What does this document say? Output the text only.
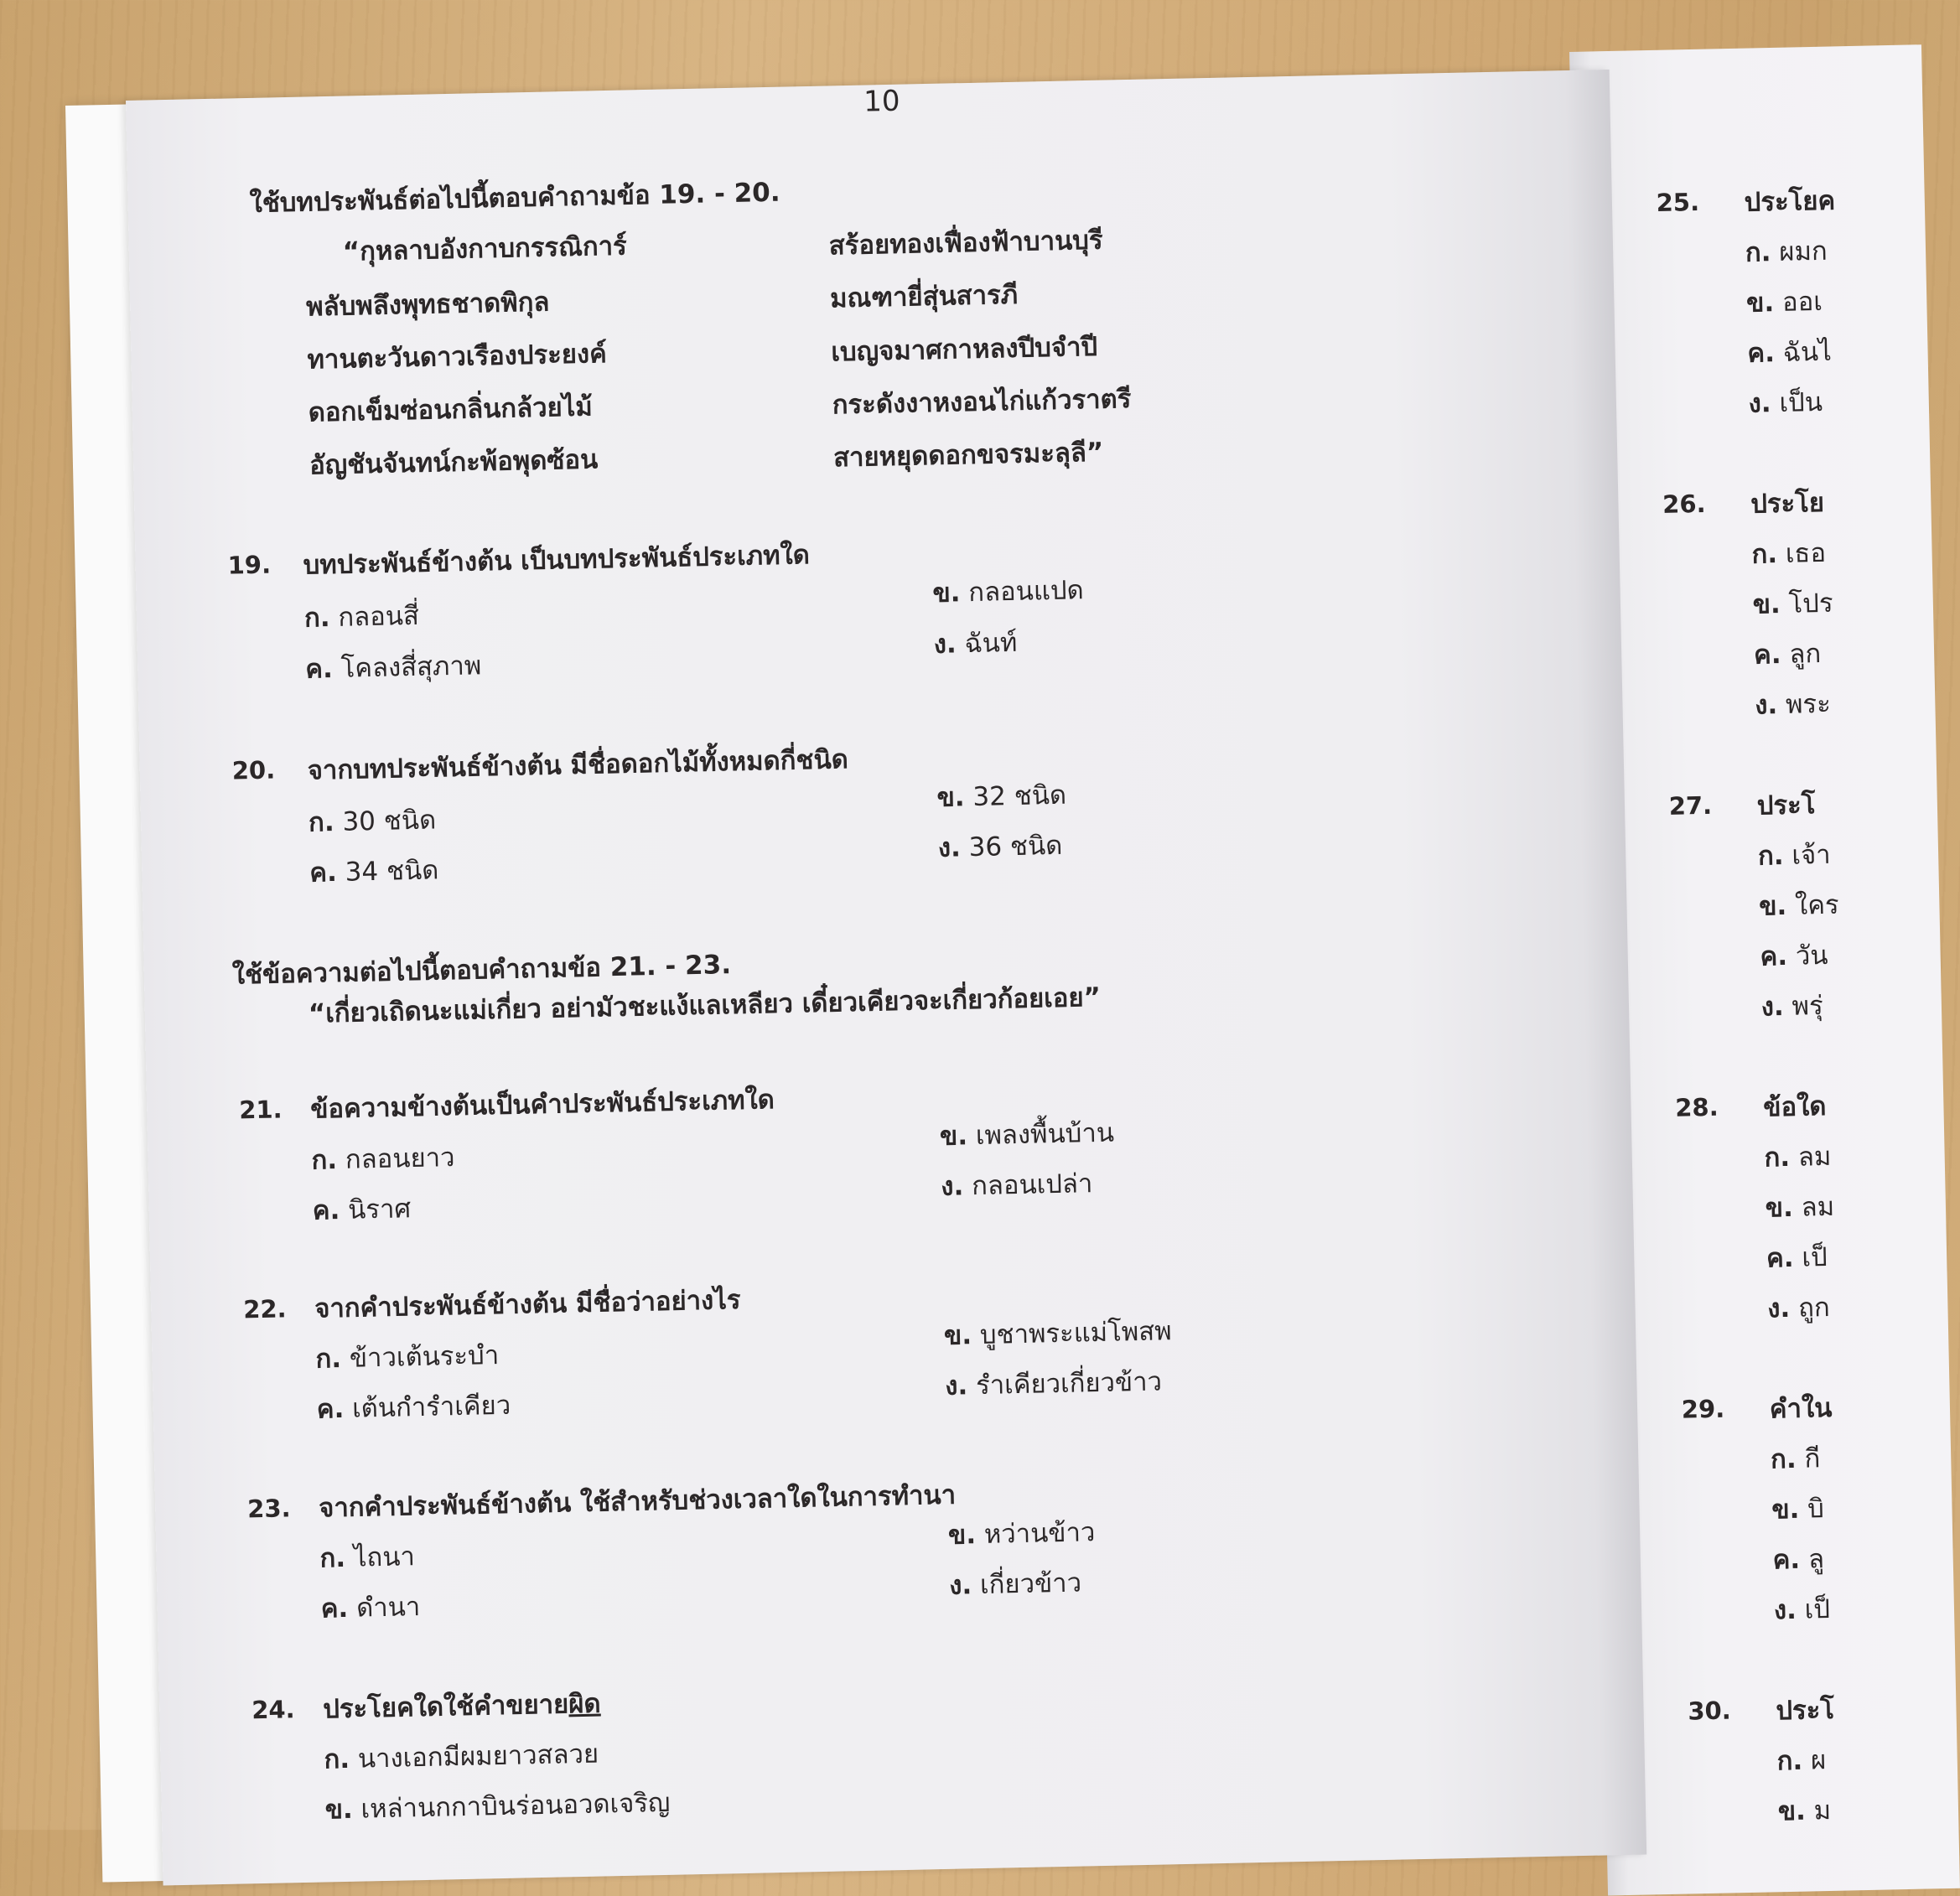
10
ใช้บทประพันธ์ต่อไปนี้ตอบคำถามข้อ 19. - 20.
“กุหลาบอังกาบกรรณิการ์
พลับพลึงพุทธชาดพิกุล
ทานตะวันดาวเรืองประยงค์
ดอกเข็มซ่อนกลิ่นกล้วยไม้
อัญชันจันทน์กะพ้อพุดซ้อน
สร้อยทองเฟื่องฟ้าบานบุรี
มณฑายี่สุ่นสารภี
เบญจมาศกาหลงปีบจำปี
กระดังงาหงอนไก่แก้วราตรี
สายหยุดดอกขจรมะลุลี”
19. บทประพันธ์ข้างต้น เป็นบทประพันธ์ประเภทใด
ก. กลอนสี่
ข. กลอนแปด
ค. โคลงสี่สุภาพ
ง. ฉันท์
20. จากบทประพันธ์ข้างต้น มีชื่อดอกไม้ทั้งหมดกี่ชนิด
ก. 30 ชนิด
ข. 32 ชนิด
ค. 34 ชนิด
ง. 36 ชนิด
ใช้ข้อความต่อไปนี้ตอบคำถามข้อ 21. - 23.
“เกี่ยวเถิดนะแม่เกี่ยว อย่ามัวชะแง้แลเหลียว เดี๋ยวเคียวจะเกี่ยวก้อยเอย”
21. ข้อความข้างต้นเป็นคำประพันธ์ประเภทใด
ก. กลอนยาว
ข. เพลงพื้นบ้าน
ค. นิราศ
ง. กลอนเปล่า
22. จากคำประพันธ์ข้างต้น มีชื่อว่าอย่างไร
ก. ข้าวเต้นระบำ
ข. บูชาพระแม่โพสพ
ค. เต้นกำรำเคียว
ง. รำเคียวเกี่ยวข้าว
23. จากคำประพันธ์ข้างต้น ใช้สำหรับช่วงเวลาใดในการทำนา
ก. ไถนา
ข. หว่านข้าว
ค. ดำนา
ง. เกี่ยวข้าว
24. ประโยคใดใช้คำขยายผิด
ก. นางเอกมีผมยาวสลวย
ข. เหล่านกกาบินร่อนอวดเจริญ
25. ประโยค
ก. ผมก
ข. ออเ
ค. ฉันไ
ง. เป็น
26. ประโย
ก. เธอ
ข. โปร
ค. ลูก
ง. พระ
27. ประโ
ก. เจ้า
ข. ใคร
ค. วัน
ง. พรุ่
28. ข้อใด
ก. ลม
ข. ลม
ค. เป็
ง. ถูก
29. คำใน
ก. กี
ข. บิ
ค. ลู
ง. เป็
30. ประโ
ก. ผ
ข. ม
